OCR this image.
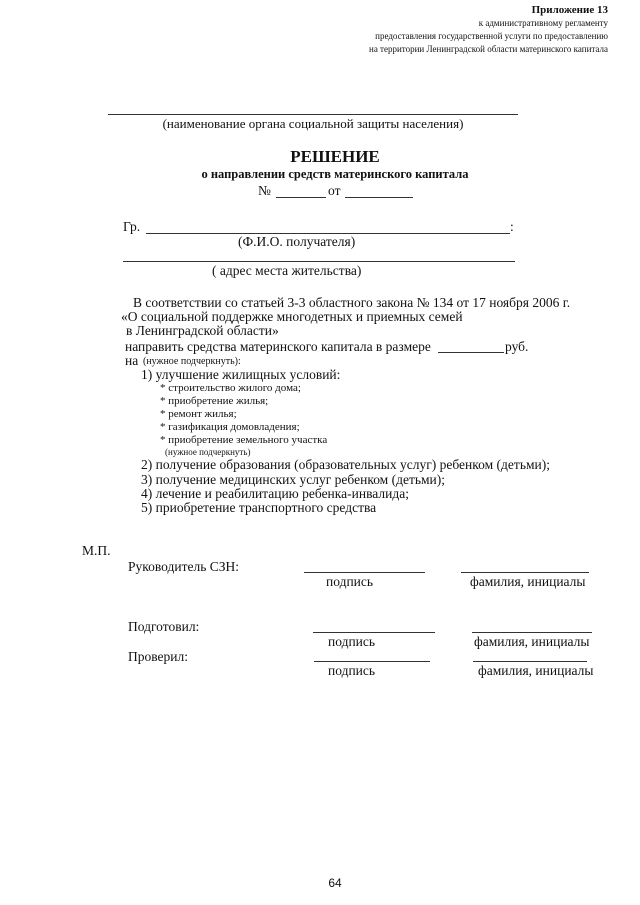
Приложение 13
к административному регламенту
предоставления государственной услуги по предоставлению
на территории Ленинградской области материнского капитала
(наименование органа социальной защиты населения)
РЕШЕНИЕ
о направлении средств материнского капитала
№	от
Гр.	:
(Ф.И.О. получателя)
( адрес места жительства)
В соответствии со статьей 3-3 областного закона № 134 от 17 ноября 2006 г.
«О социальной поддержке многодетных и приемных семей
в Ленинградской области»
направить средства материнского капитала в размере	руб.
на (нужное подчеркнуть):
1) улучшение жилищных условий:
* строительство жилого дома;
* приобретение жилья;
* ремонт жилья;
* газификация домовладения;
* приобретение земельного участка
(нужное подчеркнуть)
2) получение образования (образовательных услуг) ребенком (детьми);
3) получение медицинских услуг ребенком (детьми);
4) лечение и реабилитацию ребенка-инвалида;
5) приобретение транспортного средства
М.П.
Руководитель СЗН:
подпись	фамилия, инициалы
Подготовил:
подпись	фамилия, инициалы
Проверил:
подпись	фамилия, инициалы
64
